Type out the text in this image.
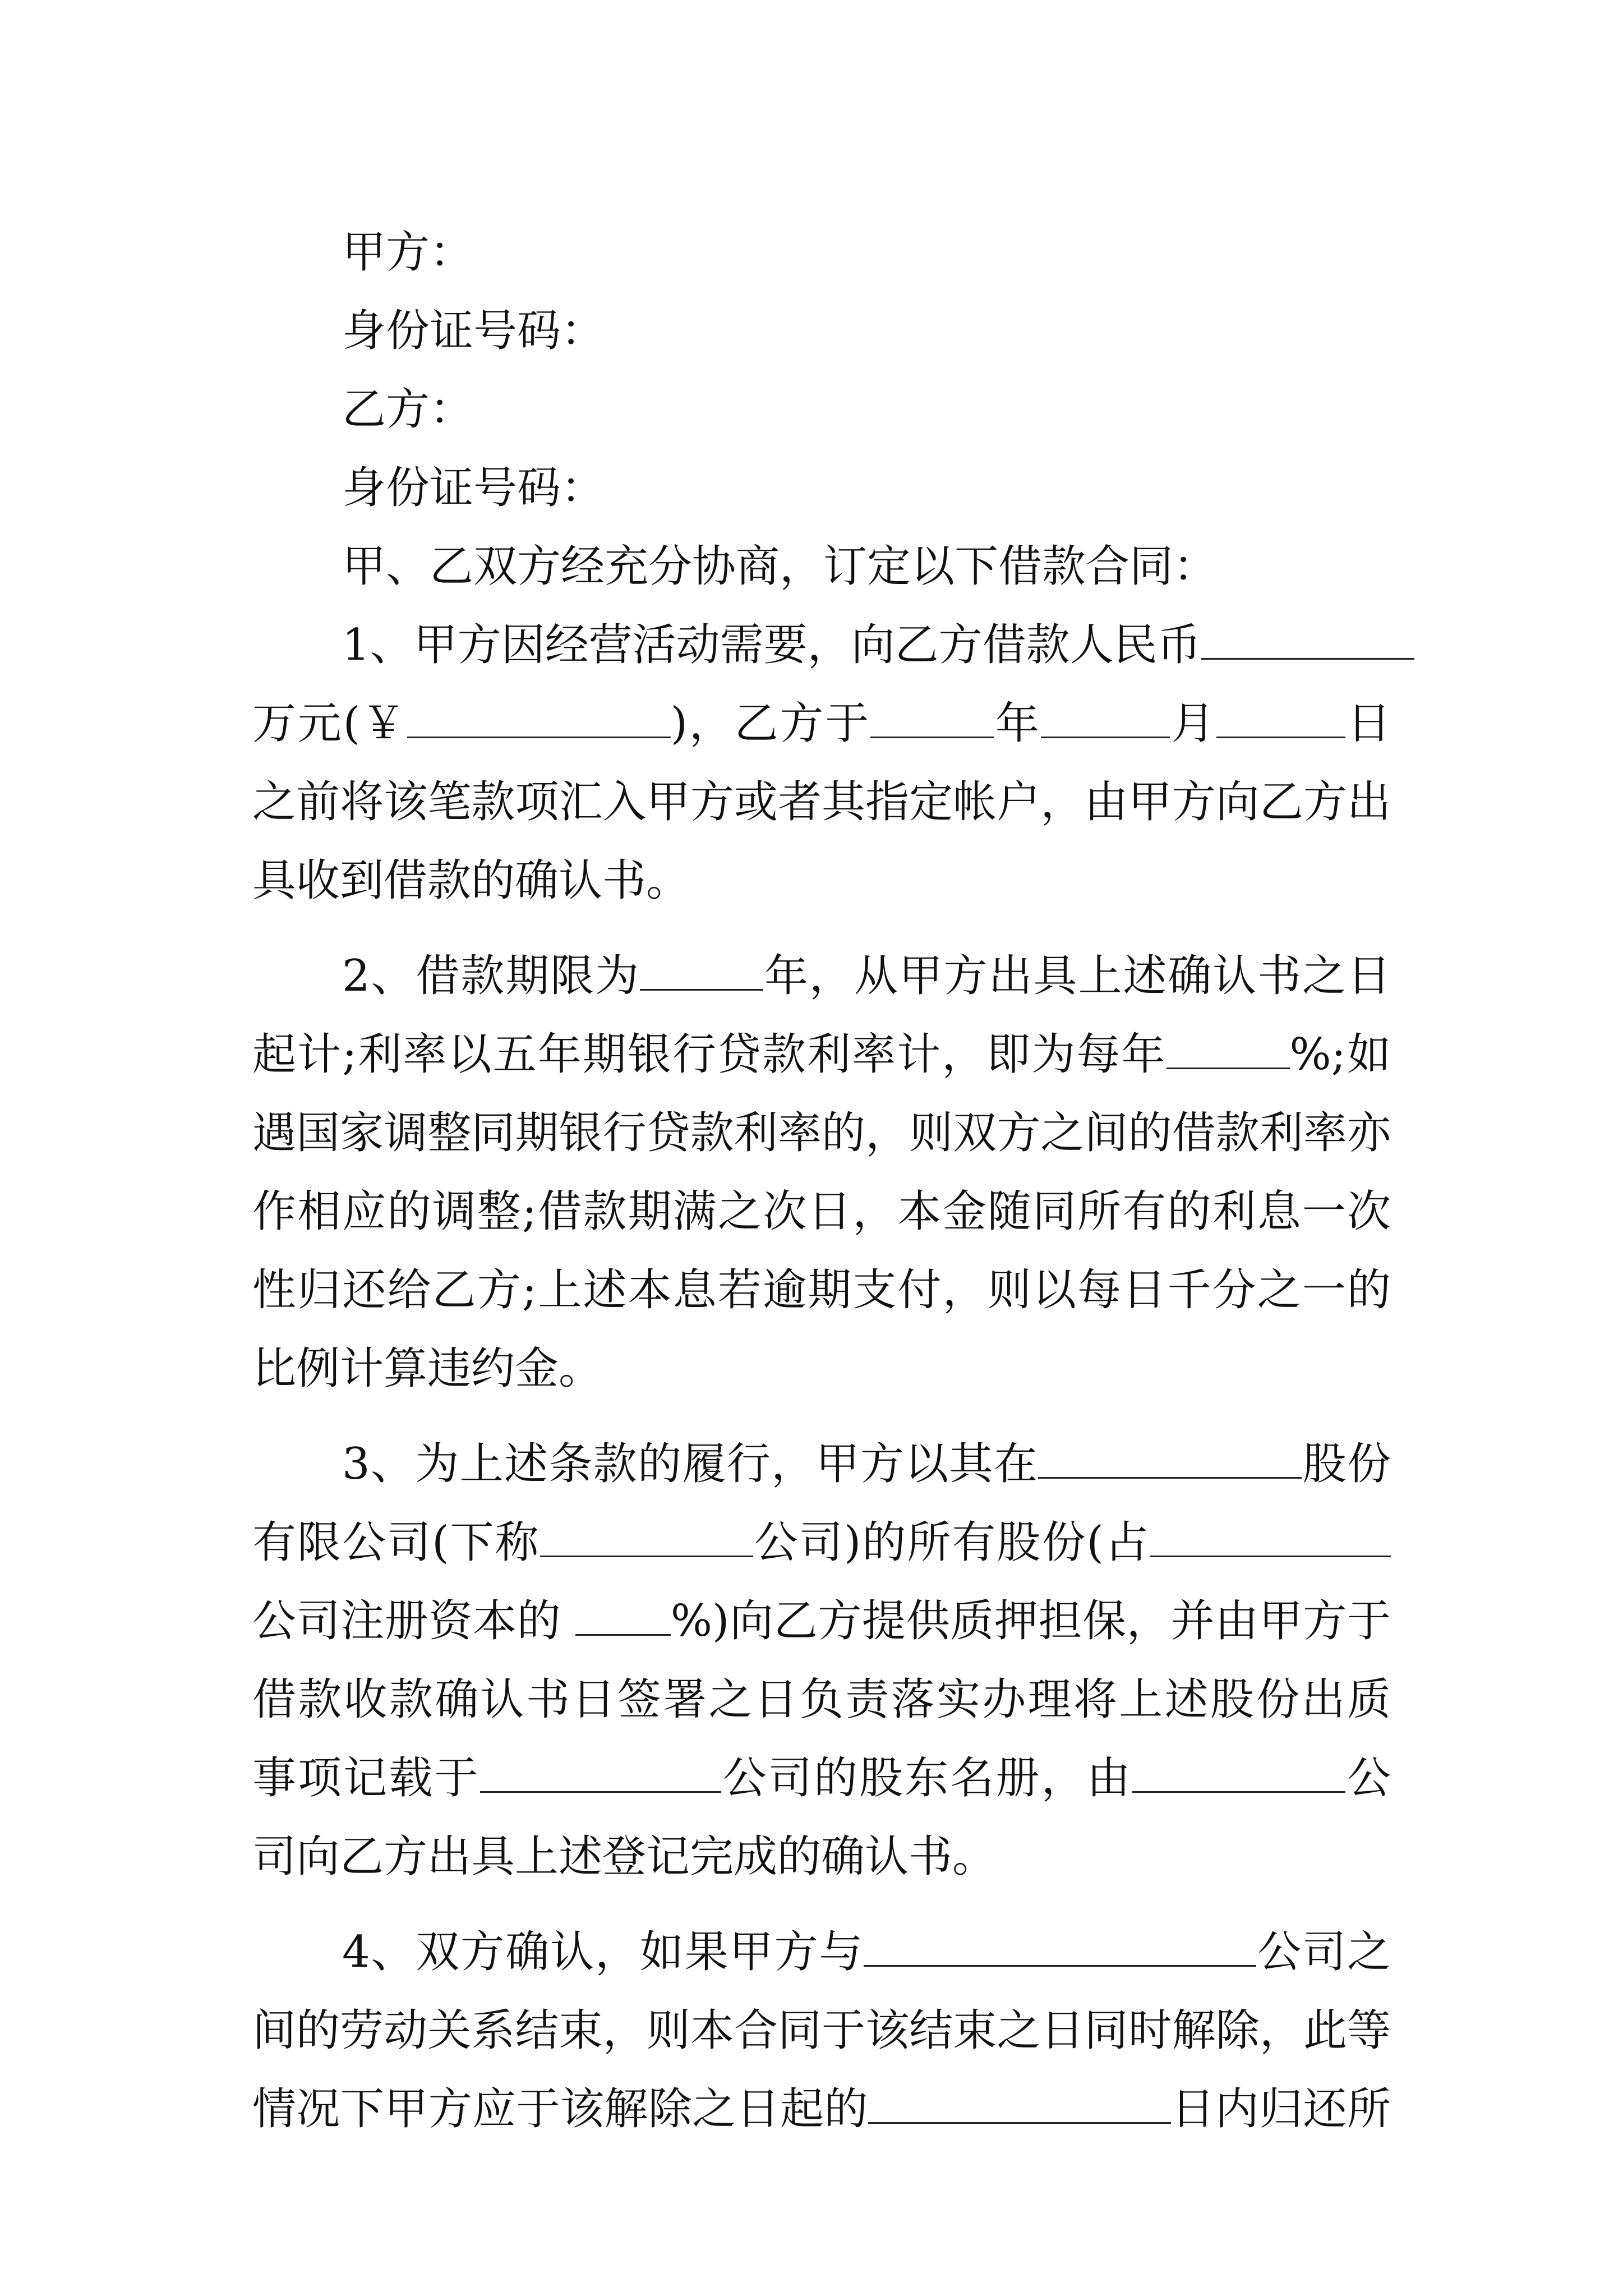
甲方：
身份证号码：
乙方：
身份证号码：
甲、乙双方经充分协商，订定以下借款合同：
1、甲方因经营活动需要，向乙方借款人民币
万元(￥	)，乙方于	年	月	日
之前将该笔款项汇入甲方或者其指定帐户，由甲方向乙方出
具收到借款的确认书。
2、借款期限为	年，从甲方出具上述确认书之日
起计;利率以五年期银行贷款利率计，即为每年	%;如
遇国家调整同期银行贷款利率的，则双方之间的借款利率亦
作相应的调整;借款期满之次日，本金随同所有的利息一次
性归还给乙方;上述本息若逾期支付，则以每日千分之一的
比例计算违约金。
3、为上述条款的履行，甲方以其在	股份
有限公司(下称	公司)的所有股份(占
公司注册资本的 %)向乙方提供质押担保，并由甲方于
借款收款确认书日签署之日负责落实办理将上述股份出质
事项记载于	公司的股东名册，由	公
司向乙方出具上述登记完成的确认书。
4、双方确认，如果甲方与	公司之
间的劳动关系结束，则本合同于该结束之日同时解除，此等
情况下甲方应于该解除之日起的	日内归还所
